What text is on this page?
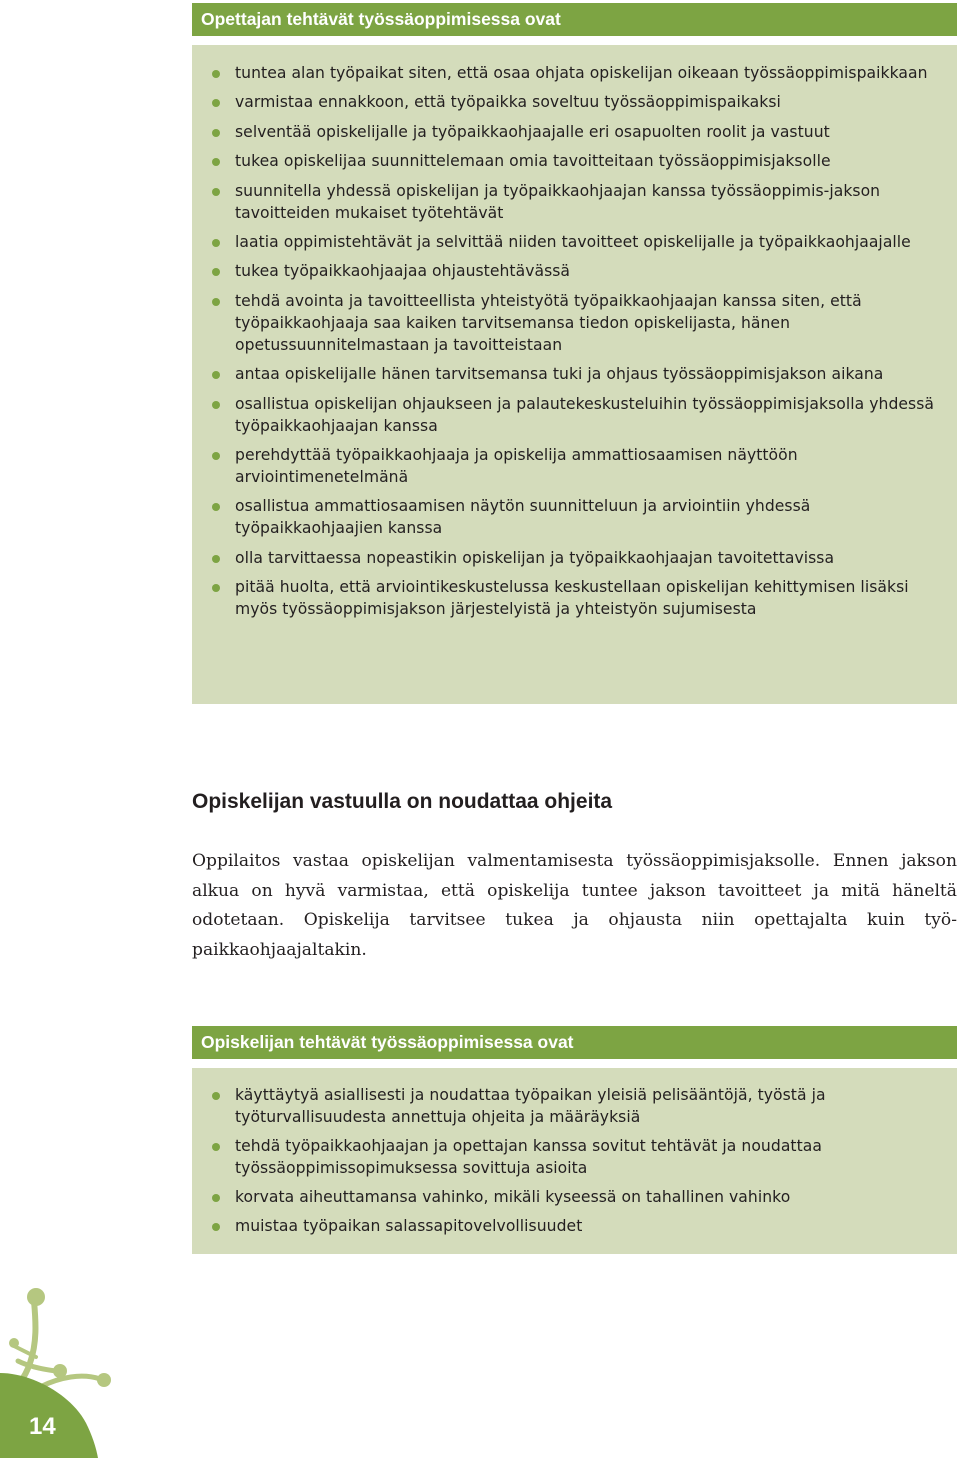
Opettajan tehtävät työssäoppimisessa ovat
tuntea alan työpaikat siten, että osaa ohjata opiskelijan oikeaan työssäoppimispaikkaan
varmistaa ennakkoon, että työpaikka soveltuu työssäoppimispaikaksi
selventää opiskelijalle ja työpaikkaohjaajalle eri osapuolten roolit ja vastuut
tukea opiskelijaa suunnittelemaan omia tavoitteitaan työssäoppimisjaksolle
suunnitella yhdessä opiskelijan ja työpaikkaohjaajan kanssa työssäoppimis-jakson tavoitteiden mukaiset työtehtävät
laatia oppimistehtävät ja selvittää niiden tavoitteet opiskelijalle ja työpaikkaohjaajalle
tukea työpaikkaohjaajaa ohjaustehtävässä
tehdä avointa ja tavoitteellista yhteistyötä työpaikkaohjaajan kanssa siten, että työpaikkaohjaaja saa kaiken tarvitsemansa tiedon opiskelijasta, hänen opetussuunnitelmastaan ja tavoitteistaan
antaa opiskelijalle hänen tarvitsemansa tuki ja ohjaus työssäoppimisjakson aikana
osallistua opiskelijan ohjaukseen ja palautekeskusteluihin työssäoppimisjaksolla yhdessä työpaikkaohjaajan kanssa
perehdyttää työpaikkaohjaaja ja opiskelija ammattiosaamisen näyttöön arviointimenetelmänä
osallistua ammattiosaamisen näytön suunnitteluun ja arviointiin yhdessä työpaikkaohjaajien kanssa
olla tarvittaessa nopeastikin opiskelijan ja työpaikkaohjaajan tavoitettavissa
pitää huolta, että arviointikeskustelussa keskustellaan opiskelijan kehittymisen lisäksi myös työssäoppimisjakson järjestelyistä ja yhteistyön sujumisesta
Opiskelijan vastuulla on noudattaa ohjeita

Oppilaitos vastaa opiskelijan valmentamisesta työssäoppimisjaksolle. Ennen jakson alkua on hyvä varmistaa, että opiskelija tuntee jakson tavoitteet ja mitä häneltä odotetaan. Opiskelija tarvitsee tukea ja ohjausta niin opettajalta kuin työpaikkaohjaajaltakin.

Opiskelijan tehtävät työssäoppimisessa ovat
käyttäytyä asiallisesti ja noudattaa työpaikan yleisiä pelisääntöjä, työstä ja työturvallisuudesta annettuja ohjeita ja määräyksiä
tehdä työpaikkaohjaajan ja opettajan kanssa sovitut tehtävät ja noudattaa työssäoppimissopimuksessa sovittuja asioita
korvata aiheuttamansa vahinko, mikäli kyseessä on tahallinen vahinko
muistaa työpaikan salassapitovelvollisuudet
14
